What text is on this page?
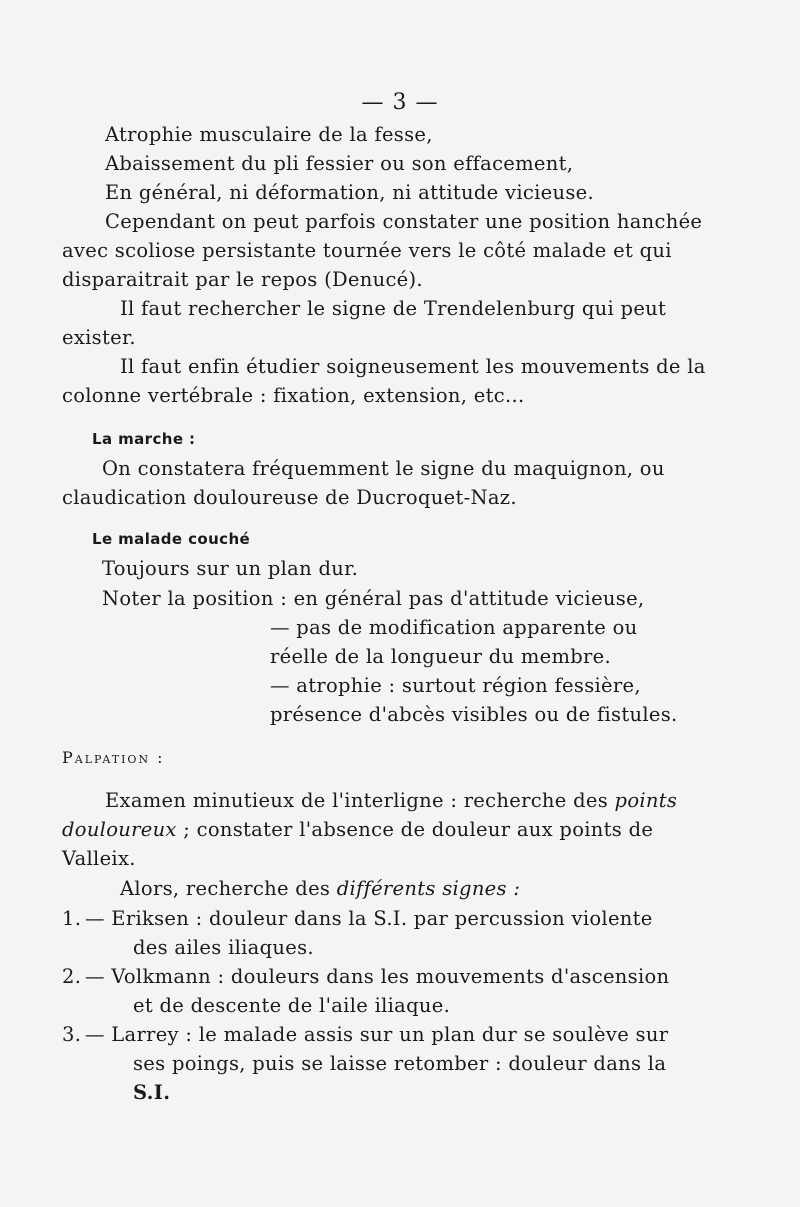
— 3 —
Atrophie musculaire de la fesse,
Abaissement du pli fessier ou son effacement,
En général, ni déformation, ni attitude vicieuse.
Cependant on peut parfois constater une position hanchée
avec scoliose persistante tournée vers le côté malade et qui
disparaitrait par le repos (Denucé).
Il faut rechercher le signe de Trendelenburg qui peut
exister.
Il faut enfin étudier soigneusement les mouvements de la
colonne vertébrale : fixation, extension, etc...
La marche :
On constatera fréquemment le signe du maquignon, ou
claudication douloureuse de Ducroquet-Naz.
Le malade couché
Toujours sur un plan dur.
Noter la position : en général pas d'attitude vicieuse,
— pas de modification apparente ou
réelle de la longueur du membre.
— atrophie : surtout région fessière,
présence d'abcès visibles ou de fistules.
Palpation :
Examen minutieux de l'interligne : recherche des points
douloureux ; constater l'absence de douleur aux points de
Valleix.
Alors, recherche des différents signes :
1. — Eriksen : douleur dans la S.I. par percussion violente
des ailes iliaques.
2. — Volkmann : douleurs dans les mouvements d'ascension
et de descente de l'aile iliaque.
3. — Larrey : le malade assis sur un plan dur se soulève sur
ses poings, puis se laisse retomber : douleur dans la
S.I.
